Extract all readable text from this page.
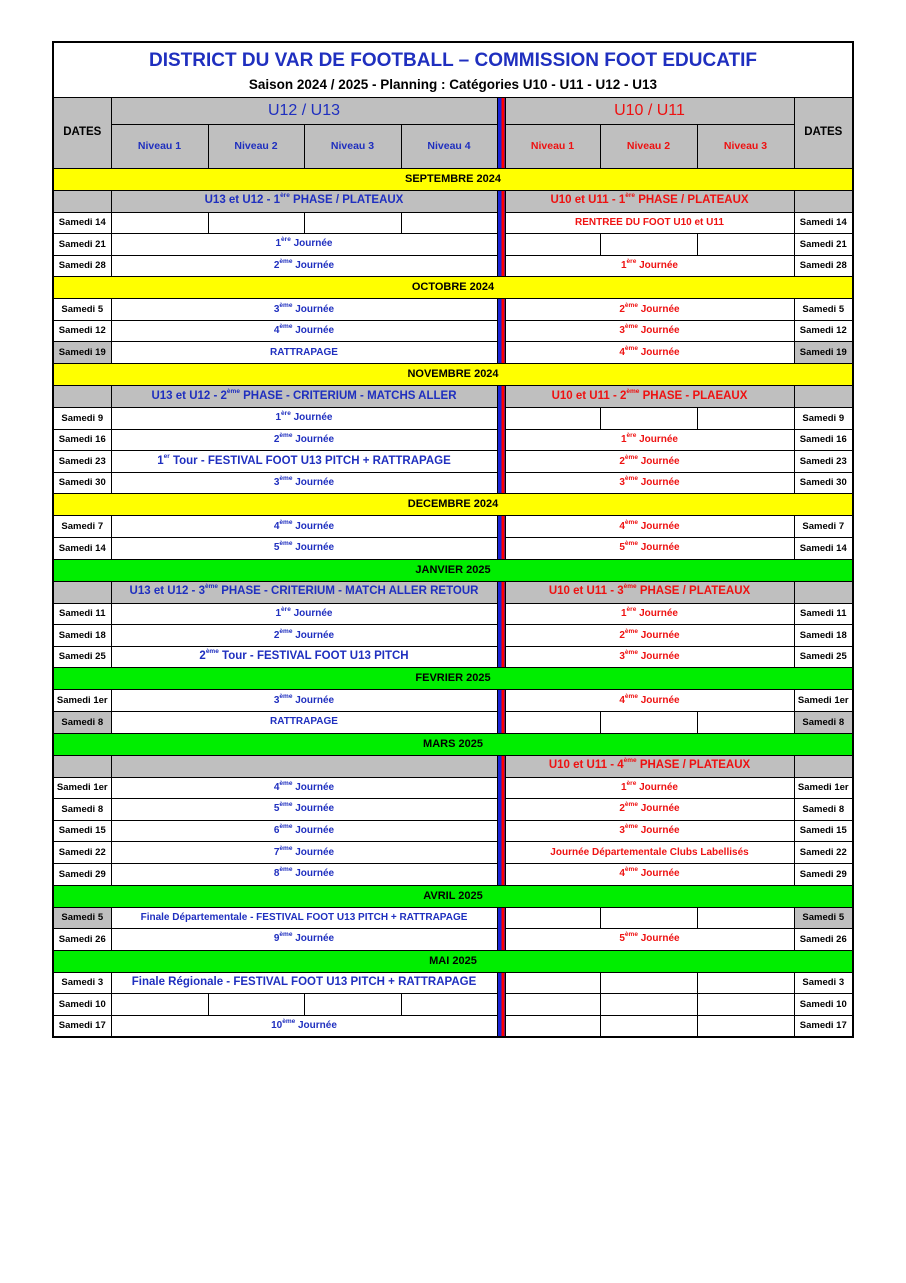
DISTRICT DU VAR DE FOOTBALL – COMMISSION FOOT EDUCATIF									
Saison 2024 / 2025 - Planning : Catégories U10 - U11 - U12 - U13									
DATES	U12 / U13					U10 / U11			DATES
	Niveau 1	Niveau 2	Niveau 3	Niveau 4		Niveau 1	Niveau 2	Niveau 3	
SEPTEMBRE 2024									
	U13 et U12 - 1ère PHASE / PLATEAUX					U10 et U11 - 1ère PHASE / PLATEAUX			
Samedi 14						RENTREE DU FOOT U10 et U11			Samedi 14
Samedi 21	1ère Journée								Samedi 21
Samedi 28	2ème Journée					1ère Journée			Samedi 28
OCTOBRE 2024									
Samedi 5	3ème Journée					2ème Journée			Samedi 5
Samedi 12	4ème Journée					3ème Journée			Samedi 12
Samedi 19	RATTRAPAGE					4ème Journée			Samedi 19
NOVEMBRE 2024									
	U13 et U12 - 2ème PHASE - CRITERIUM - MATCHS ALLER					U10 et U11 - 2ème PHASE - PLAEAUX			
Samedi 9	1ère Journée								Samedi 9
Samedi 16	2ème Journée					1ère Journée			Samedi 16
Samedi 23	1er Tour - FESTIVAL FOOT U13 PITCH + RATTRAPAGE					2ème Journée			Samedi 23
Samedi 30	3ème Journée					3ème Journée			Samedi 30
DECEMBRE 2024									
Samedi 7	4ème Journée					4ème Journée			Samedi 7
Samedi 14	5ème Journée					5ème Journée			Samedi 14
JANVIER 2025									
	U13 et U12 - 3ème PHASE - CRITERIUM - MATCH ALLER RETOUR					U10 et U11 - 3ème PHASE / PLATEAUX			
Samedi 11	1ère Journée					1ère Journée			Samedi 11
Samedi 18	2ème Journée					2ème Journée			Samedi 18
Samedi 25	2ème Tour - FESTIVAL FOOT U13 PITCH					3ème Journée			Samedi 25
FEVRIER 2025									
Samedi 1er	3ème Journée					4ème Journée			Samedi 1er
Samedi 8	RATTRAPAGE								Samedi 8
MARS 2025									
						U10 et U11 - 4ème PHASE / PLATEAUX			
Samedi 1er	4ème Journée					1ère Journée			Samedi 1er
Samedi 8	5ème Journée					2ème Journée			Samedi 8
Samedi 15	6ème Journée					3ème Journée			Samedi 15
Samedi 22	7ème Journée					Journée Départementale Clubs Labellisés			Samedi 22
Samedi 29	8ème Journée					4ème Journée			Samedi 29
AVRIL 2025									
Samedi 5	Finale Départementale - FESTIVAL FOOT U13 PITCH + RATTRAPAGE								Samedi 5
Samedi 26	9ème Journée					5ème Journée			Samedi 26
MAI 2025									
Samedi 3	Finale Régionale - FESTIVAL FOOT U13 PITCH + RATTRAPAGE								Samedi 3
Samedi 10									Samedi 10
Samedi 17	10ème Journée								Samedi 17
